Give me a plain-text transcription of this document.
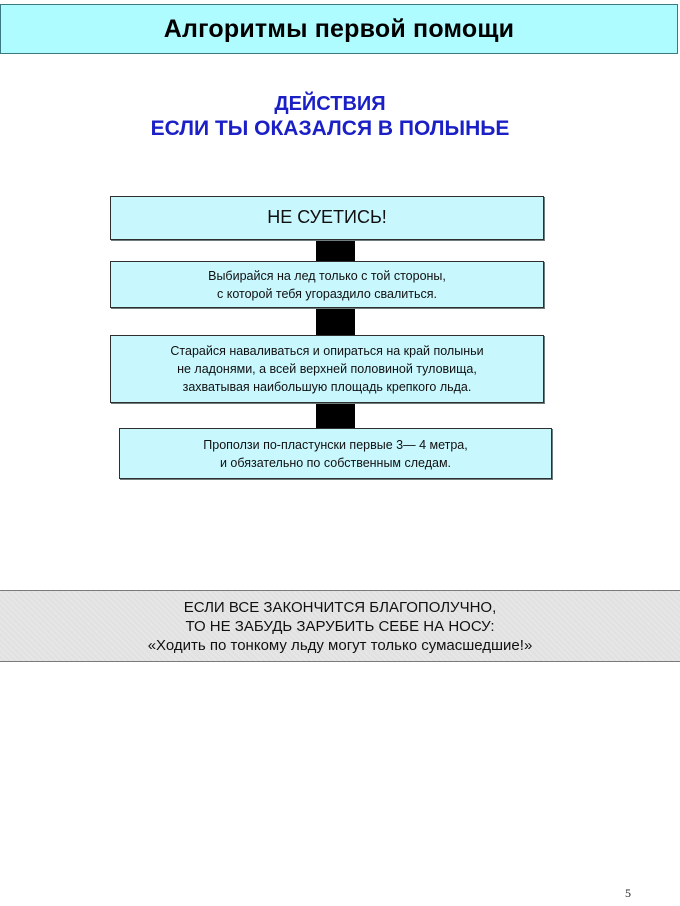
Алгоритмы первой помощи
ДЕЙСТВИЯ
ЕСЛИ ТЫ ОКАЗАЛСЯ В ПОЛЫНЬЕ
НЕ СУЕТИСЬ!
Выбирайся на лед только с той стороны,
с которой тебя угораздило свалиться.
Старайся наваливаться и опираться на край полыньи
не ладонями, а всей верхней половиной туловища,
захватывая наибольшую площадь крепкого льда.
Проползи по-пластунски первые 3— 4 метра,
и обязательно по собственным следам.
ЕСЛИ ВСЕ ЗАКОНЧИТСЯ БЛАГОПОЛУЧНО,
ТО НЕ ЗАБУДЬ ЗАРУБИТЬ СЕБЕ НА НОСУ:
«Ходить по тонкому льду могут только сумасшедшие!»
5
